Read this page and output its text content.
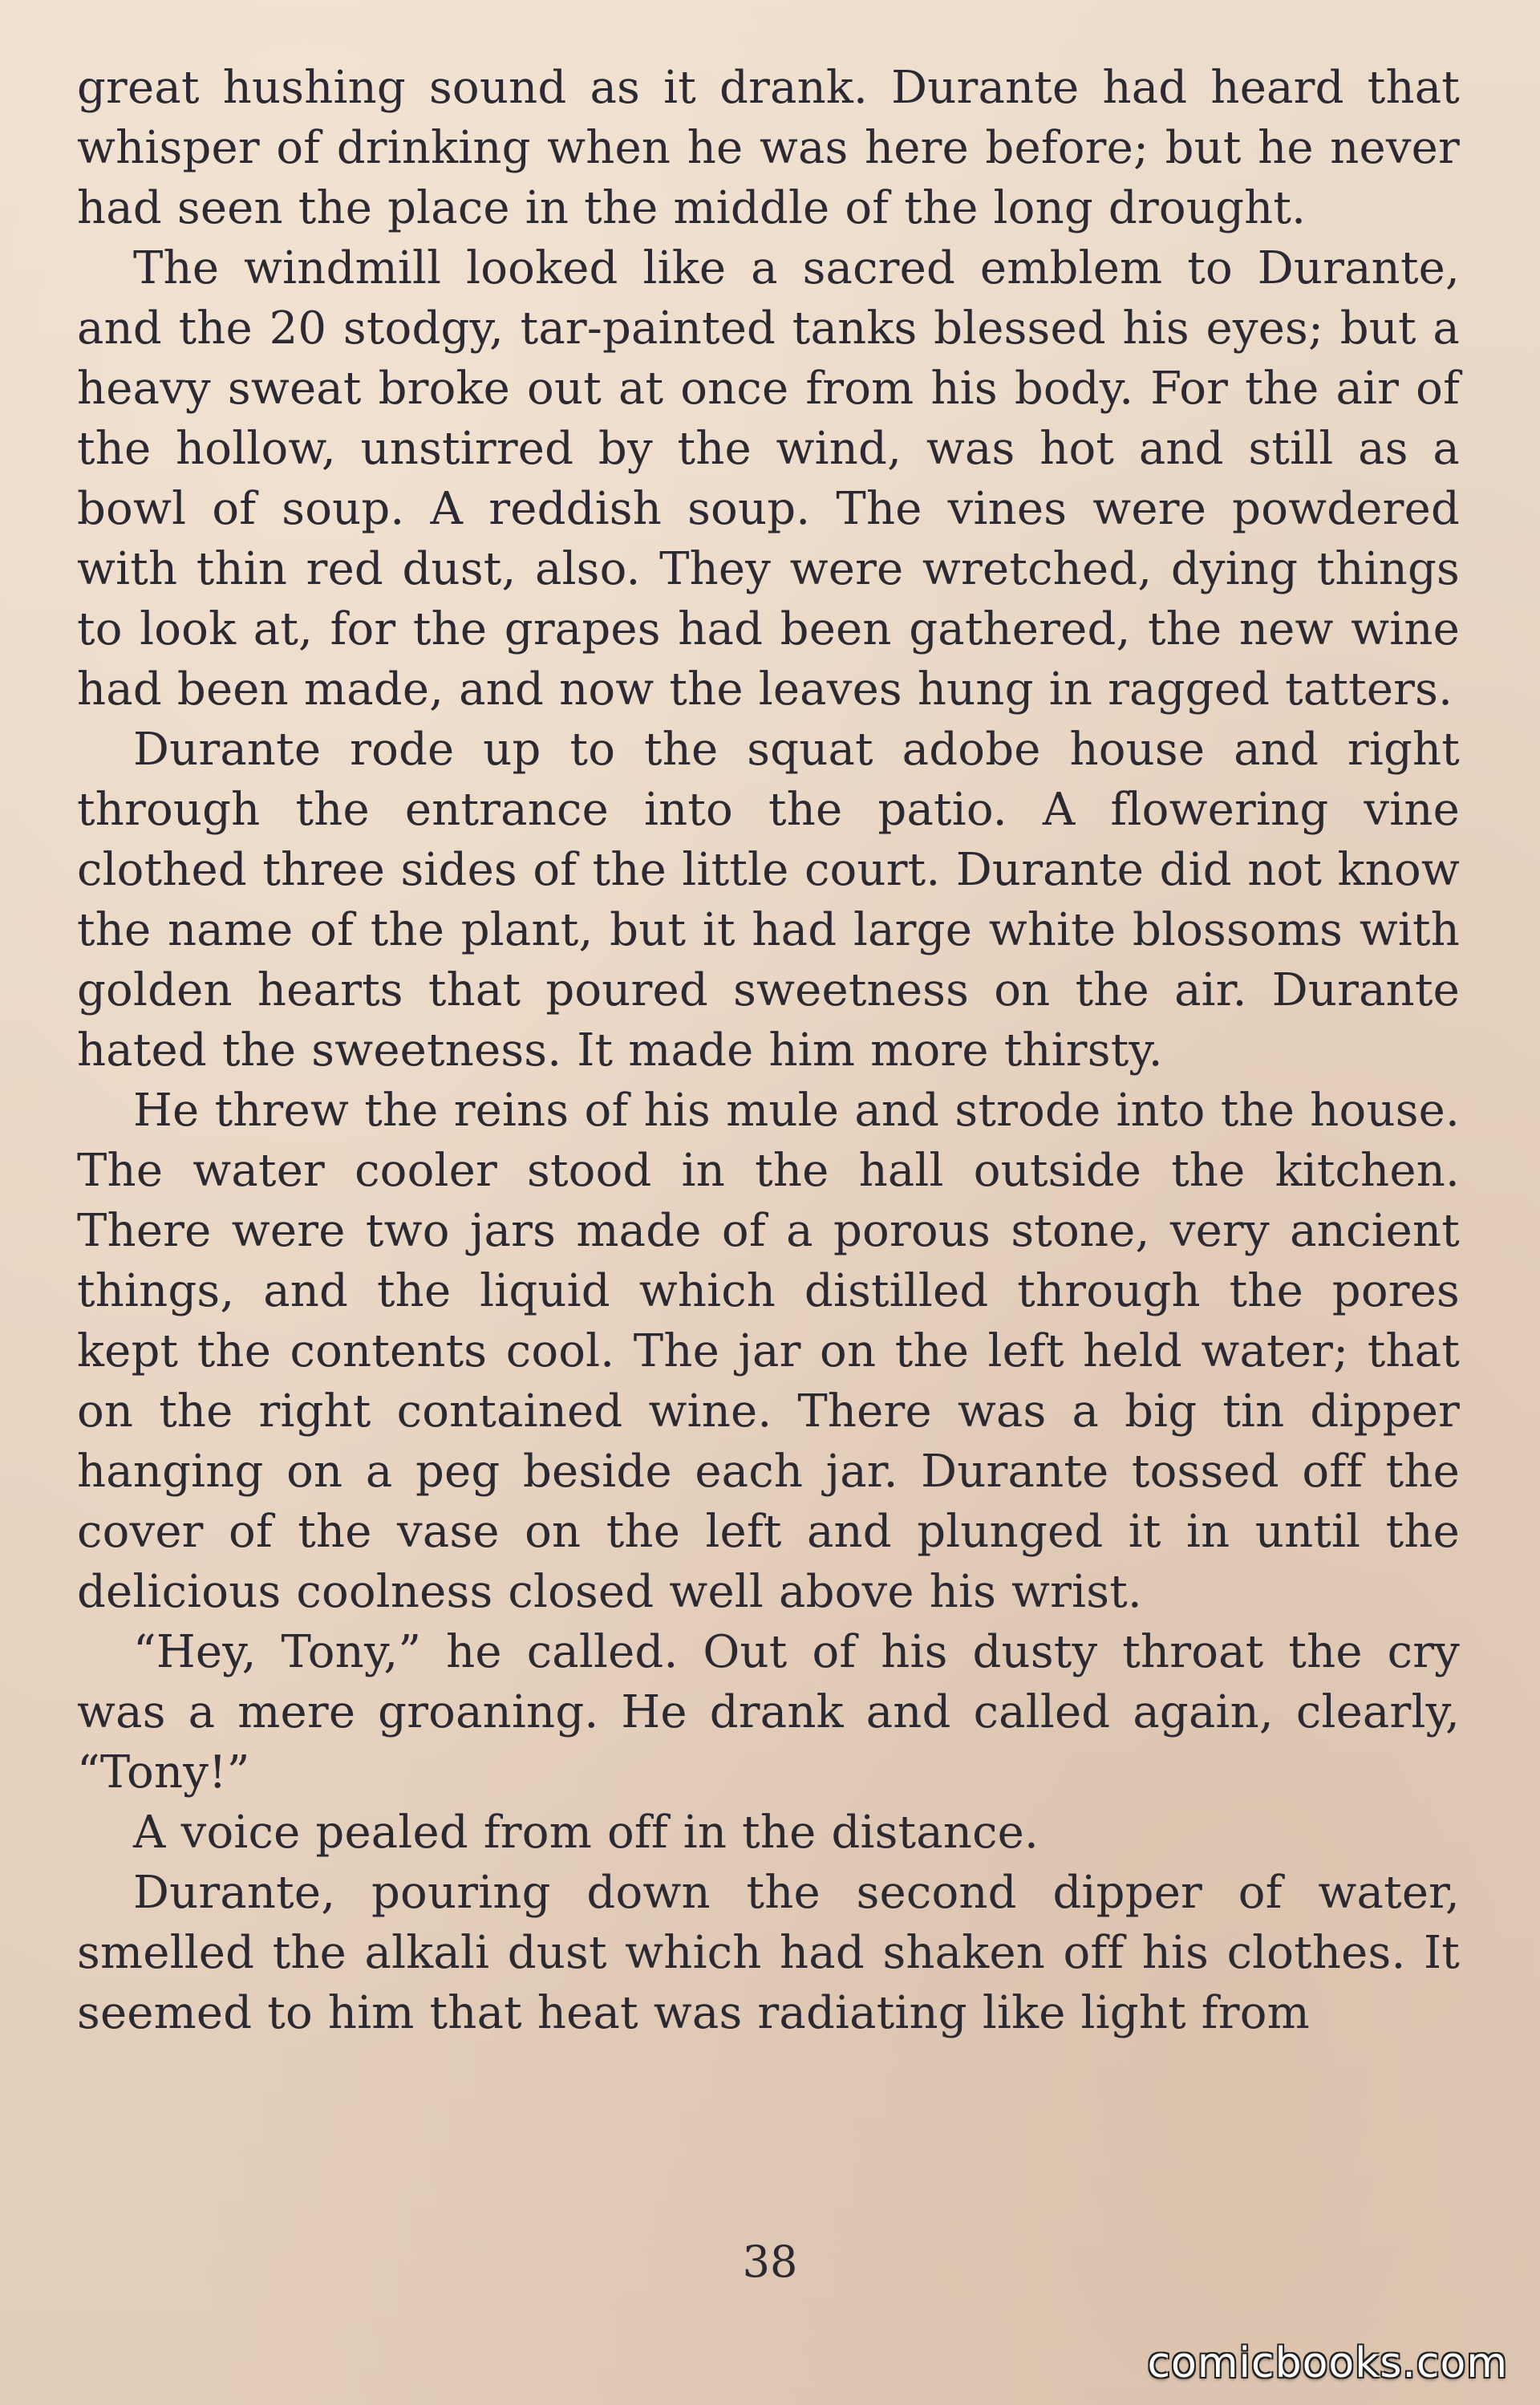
great hushing sound as it drank. Durante had heard that whisper of drinking when he was here before; but he never had seen the place in the middle of the long drought.

The windmill looked like a sacred emblem to Durante, and the 20 stodgy, tar-painted tanks blessed his eyes; but a heavy sweat broke out at once from his body. For the air of the hollow, unstirred by the wind, was hot and still as a bowl of soup. A reddish soup. The vines were powdered with thin red dust, also. They were wretched, dying things to look at, for the grapes had been gathered, the new wine had been made, and now the leaves hung in ragged tatters.

Durante rode up to the squat adobe house and right through the entrance into the patio. A flowering vine clothed three sides of the little court. Durante did not know the name of the plant, but it had large white blossoms with golden hearts that poured sweetness on the air. Durante hated the sweetness. It made him more thirsty.

He threw the reins of his mule and strode into the house. The water cooler stood in the hall outside the kitchen. There were two jars made of a porous stone, very ancient things, and the liquid which distilled through the pores kept the contents cool. The jar on the left held water; that on the right contained wine. There was a big tin dipper hanging on a peg beside each jar. Durante tossed off the cover of the vase on the left and plunged it in until the delicious coolness closed well above his wrist.

“Hey, Tony,” he called. Out of his dusty throat the cry was a mere groaning. He drank and called again, clearly, “Tony!”

A voice pealed from off in the distance.

Durante, pouring down the second dipper of water, smelled the alkali dust which had shaken off his clothes. It seemed to him that heat was radiating like light from

38
comicbooks.com
